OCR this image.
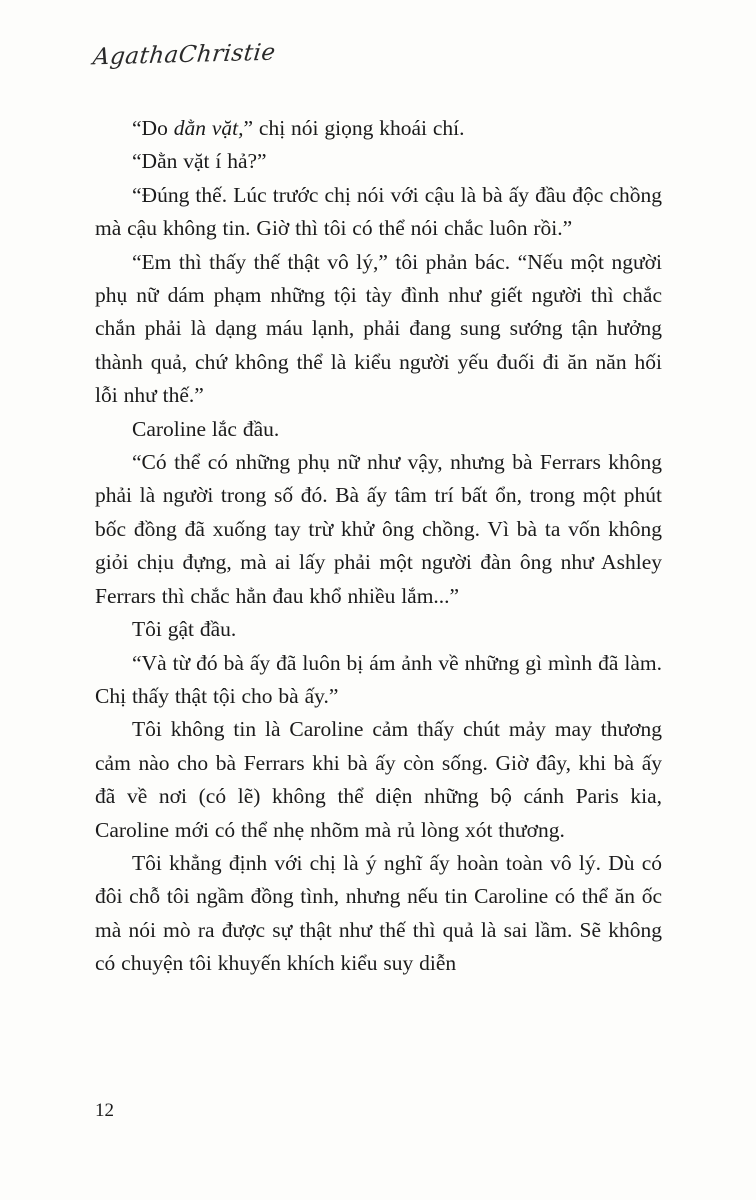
AgathaChristie

“Do dằn vặt,” chị nói giọng khoái chí.

“Dằn vặt í hả?”

“Đúng thế. Lúc trước chị nói với cậu là bà ấy đầu độc chồng mà cậu không tin. Giờ thì tôi có thể nói chắc luôn rồi.”

“Em thì thấy thế thật vô lý,” tôi phản bác. “Nếu một người phụ nữ dám phạm những tội tày đình như giết người thì chắc chắn phải là dạng máu lạnh, phải đang sung sướng tận hưởng thành quả, chứ không thể là kiểu người yếu đuối đi ăn năn hối lỗi như thế.”

Caroline lắc đầu.

“Có thể có những phụ nữ như vậy, nhưng bà Ferrars không phải là người trong số đó. Bà ấy tâm trí bất ổn, trong một phút bốc đồng đã xuống tay trừ khử ông chồng. Vì bà ta vốn không giỏi chịu đựng, mà ai lấy phải một người đàn ông như Ashley Ferrars thì chắc hẳn đau khổ nhiều lắm...”

Tôi gật đầu.

“Và từ đó bà ấy đã luôn bị ám ảnh về những gì mình đã làm. Chị thấy thật tội cho bà ấy.”

Tôi không tin là Caroline cảm thấy chút mảy may thương cảm nào cho bà Ferrars khi bà ấy còn sống. Giờ đây, khi bà ấy đã về nơi (có lẽ) không thể diện những bộ cánh Paris kia, Caroline mới có thể nhẹ nhõm mà rủ lòng xót thương.

Tôi khẳng định với chị là ý nghĩ ấy hoàn toàn vô lý. Dù có đôi chỗ tôi ngầm đồng tình, nhưng nếu tin Caroline có thể ăn ốc mà nói mò ra được sự thật như thế thì quả là sai lầm. Sẽ không có chuyện tôi khuyến khích kiểu suy diễn

12
